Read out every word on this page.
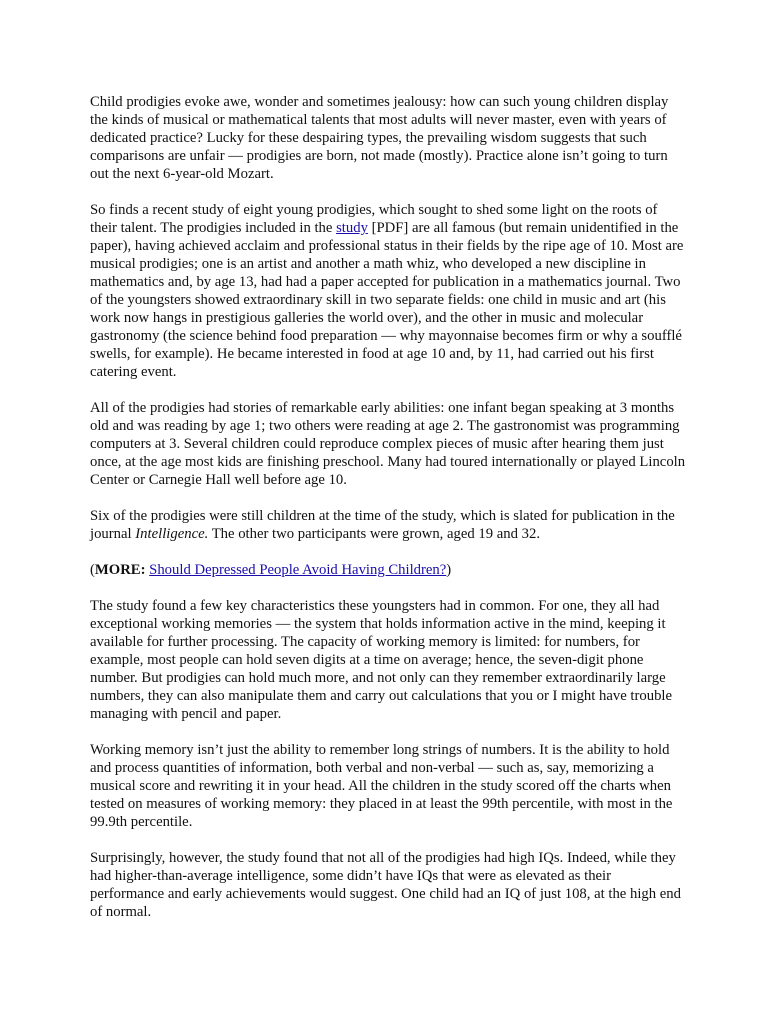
Child prodigies evoke awe, wonder and sometimes jealousy: how can such young children display the kinds of musical or mathematical talents that most adults will never master, even with years of dedicated practice? Lucky for these despairing types, the prevailing wisdom suggests that such comparisons are unfair — prodigies are born, not made (mostly). Practice alone isn’t going to turn out the next 6-year-old Mozart.

So finds a recent study of eight young prodigies, which sought to shed some light on the roots of their talent. The prodigies included in the study [PDF] are all famous (but remain unidentified in the paper), having achieved acclaim and professional status in their fields by the ripe age of 10. Most are musical prodigies; one is an artist and another a math whiz, who developed a new discipline in mathematics and, by age 13, had had a paper accepted for publication in a mathematics journal. Two of the youngsters showed extraordinary skill in two separate fields: one child in music and art (his work now hangs in prestigious galleries the world over), and the other in music and molecular gastronomy (the science behind food preparation — why mayonnaise becomes firm or why a soufflé swells, for example). He became interested in food at age 10 and, by 11, had carried out his first catering event.

All of the prodigies had stories of remarkable early abilities: one infant began speaking at 3 months old and was reading by age 1; two others were reading at age 2. The gastronomist was programming computers at 3. Several children could reproduce complex pieces of music after hearing them just once, at the age most kids are finishing preschool. Many had toured internationally or played Lincoln Center or Carnegie Hall well before age 10.

Six of the prodigies were still children at the time of the study, which is slated for publication in the journal Intelligence. The other two participants were grown, aged 19 and 32.

(MORE: Should Depressed People Avoid Having Children?)

The study found a few key characteristics these youngsters had in common. For one, they all had exceptional working memories — the system that holds information active in the mind, keeping it available for further processing. The capacity of working memory is limited: for numbers, for example, most people can hold seven digits at a time on average; hence, the seven-digit phone number. But prodigies can hold much more, and not only can they remember extraordinarily large numbers, they can also manipulate them and carry out calculations that you or I might have trouble managing with pencil and paper.

Working memory isn’t just the ability to remember long strings of numbers. It is the ability to hold and process quantities of information, both verbal and non-verbal — such as, say, memorizing a musical score and rewriting it in your head. All the children in the study scored off the charts when tested on measures of working memory: they placed in at least the 99th percentile, with most in the 99.9th percentile.

Surprisingly, however, the study found that not all of the prodigies had high IQs. Indeed, while they had higher-than-average intelligence, some didn’t have IQs that were as elevated as their performance and early achievements would suggest. One child had an IQ of just 108, at the high end of normal.
